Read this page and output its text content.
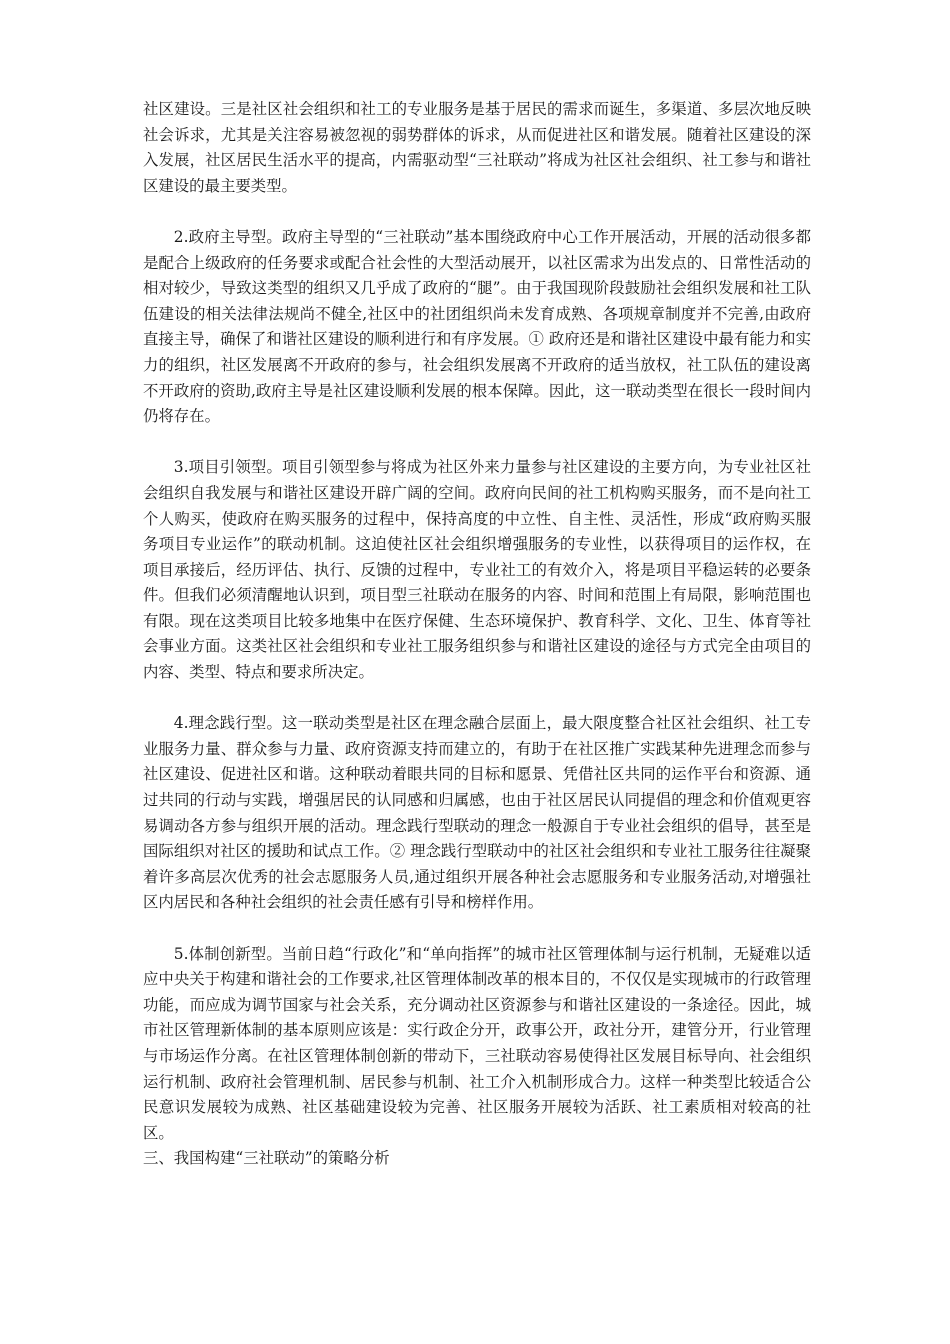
社区建设。三是社区社会组织和社工的专业服务是基于居民的需求而诞生，多渠道、多层次地反映社会诉求，尤其是关注容易被忽视的弱势群体的诉求，从而促进社区和谐发展。随着社区建设的深入发展，社区居民生活水平的提高，内需驱动型“三社联动”将成为社区社会组织、社工参与和谐社区建设的最主要类型。

2.政府主导型。政府主导型的“三社联动”基本围绕政府中心工作开展活动，开展的活动很多都是配合上级政府的任务要求或配合社会性的大型活动展开，以社区需求为出发点的、日常性活动的相对较少，导致这类型的组织又几乎成了政府的“腿”。由于我国现阶段鼓励社会组织发展和社工队伍建设的相关法律法规尚不健全,社区中的社团组织尚未发育成熟、各项规章制度并不完善,由政府直接主导，确保了和谐社区建设的顺利进行和有序发展。① 政府还是和谐社区建设中最有能力和实力的组织，社区发展离不开政府的参与，社会组织发展离不开政府的适当放权，社工队伍的建设离不开政府的资助,政府主导是社区建设顺利发展的根本保障。因此，这一联动类型在很长一段时间内仍将存在。

3.项目引领型。项目引领型参与将成为社区外来力量参与社区建设的主要方向，为专业社区社会组织自我发展与和谐社区建设开辟广阔的空间。政府向民间的社工机构购买服务，而不是向社工个人购买，使政府在购买服务的过程中，保持高度的中立性、自主性、灵活性，形成“政府购买服务项目专业运作”的联动机制。这迫使社区社会组织增强服务的专业性，以获得项目的运作权，在项目承接后，经历评估、执行、反馈的过程中，专业社工的有效介入，将是项目平稳运转的必要条件。但我们必须清醒地认识到，项目型三社联动在服务的内容、时间和范围上有局限，影响范围也有限。现在这类项目比较多地集中在医疗保健、生态环境保护、教育科学、文化、卫生、体育等社会事业方面。这类社区社会组织和专业社工服务组织参与和谐社区建设的途径与方式完全由项目的内容、类型、特点和要求所决定。

4.理念践行型。这一联动类型是社区在理念融合层面上，最大限度整合社区社会组织、社工专业服务力量、群众参与力量、政府资源支持而建立的，有助于在社区推广实践某种先进理念而参与社区建设、促进社区和谐。这种联动着眼共同的目标和愿景、凭借社区共同的运作平台和资源、通过共同的行动与实践，增强居民的认同感和归属感，也由于社区居民认同提倡的理念和价值观更容易调动各方参与组织开展的活动。理念践行型联动的理念一般源自于专业社会组织的倡导，甚至是国际组织对社区的援助和试点工作。② 理念践行型联动中的社区社会组织和专业社工服务往往凝聚着许多高层次优秀的社会志愿服务人员,通过组织开展各种社会志愿服务和专业服务活动,对增强社区内居民和各种社会组织的社会责任感有引导和榜样作用。

5.体制创新型。当前日趋“行政化”和“单向指挥”的城市社区管理体制与运行机制，无疑难以适应中央关于构建和谐社会的工作要求,社区管理体制改革的根本目的，不仅仅是实现城市的行政管理功能，而应成为调节国家与社会关系，充分调动社区资源参与和谐社区建设的一条途径。因此，城市社区管理新体制的基本原则应该是：实行政企分开，政事公开，政社分开，建管分开，行业管理与市场运作分离。在社区管理体制创新的带动下，三社联动容易使得社区发展目标导向、社会组织运行机制、政府社会管理机制、居民参与机制、社工介入机制形成合力。这样一种类型比较适合公民意识发展较为成熟、社区基础建设较为完善、社区服务开展较为活跃、社工素质相对较高的社区。

三、我国构建“三社联动”的策略分析
